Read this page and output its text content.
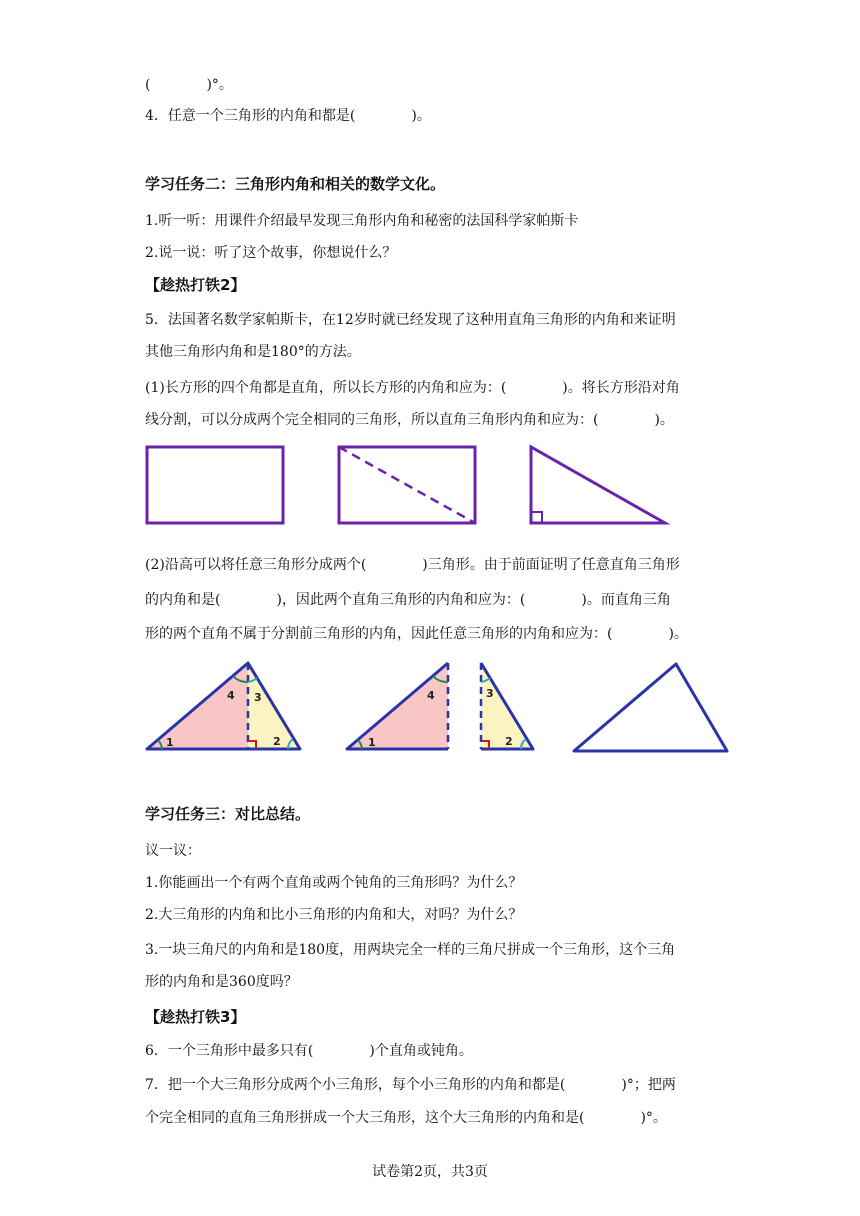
(　　　　)°。
4．任意一个三角形的内角和都是(　　　　)。
学习任务二：三角形内角和相关的数学文化。
1.听一听：用课件介绍最早发现三角形内角和秘密的法国科学家帕斯卡
2.说一说：听了这个故事，你想说什么？
【趁热打铁2】
5．法国著名数学家帕斯卡，在12岁时就已经发现了这种用直角三角形的内角和来证明
其他三角形内角和是180°的方法。
(1)长方形的四个角都是直角，所以长方形的内角和应为：(　　　　)。将长方形沿对角
线分割，可以分成两个完全相同的三角形，所以直角三角形内角和应为：(　　　　)。
(2)沿高可以将任意三角形分成两个(　　　　)三角形。由于前面证明了任意直角三角形
的内角和是(　　　　)，因此两个直角三角形的内角和应为：(　　　　)。而直角三角
形的两个直角不属于分割前三角形的内角，因此任意三角形的内角和应为：(　　　　)。
1	2
3
4
1
4	3
2
学习任务三：对比总结。
议一议：
1.你能画出一个有两个直角或两个钝角的三角形吗？为什么？
2.大三角形的内角和比小三角形的内角和大，对吗？为什么？
3.一块三角尺的内角和是180度，用两块完全一样的三角尺拼成一个三角形，这个三角
形的内角和是360度吗？
【趁热打铁3】
6．一个三角形中最多只有(　　　　)个直角或钝角。
7．把一个大三角形分成两个小三角形，每个小三角形的内角和都是(　　　　)°；把两
个完全相同的直角三角形拼成一个大三角形，这个大三角形的内角和是(　　　　)°。
试卷第2页，共3页
